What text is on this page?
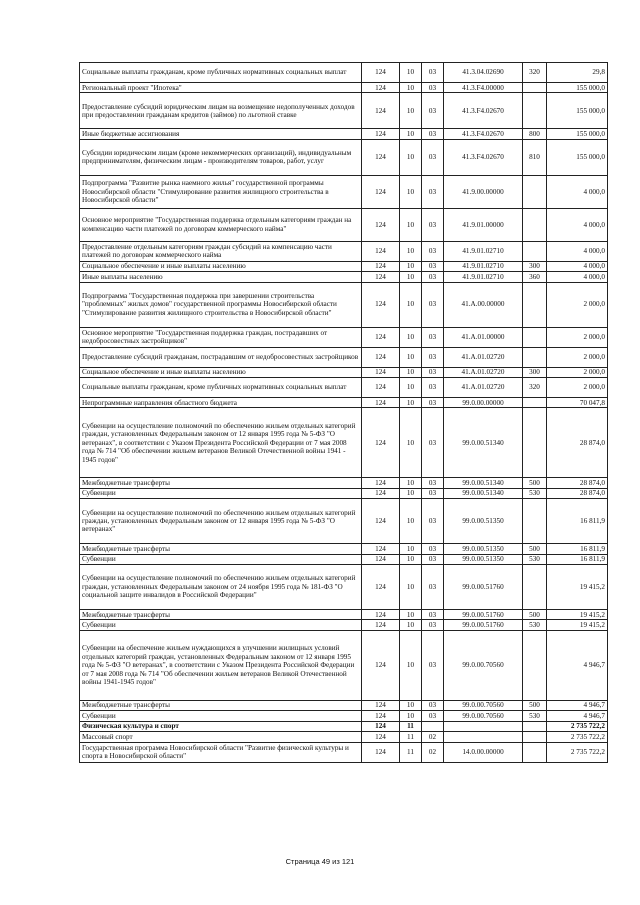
Социальные выплаты гражданам, кроме публичных нормативных социальных выплат	124	10	03	41.3.04.02690	320	29,8
Региональный проект "Ипотека"	124	10	03	41.3.F4.00000		155 000,0
Предоставление субсидий юридическим лицам на возмещение недополученных доходов при предоставлении гражданам кредитов (займов) по льготной ставке	124	10	03	41.3.F4.02670		155 000,0
Иные бюджетные ассигнования	124	10	03	41.3.F4.02670	800	155 000,0
Субсидии юридическим лицам (кроме некоммерческих организаций), индивидуальным предпринимателям, физическим лицам - производителям товаров, работ, услуг	124	10	03	41.3.F4.02670	810	155 000,0
Подпрограмма "Развитие рынка наемного жилья" государственной программы Новосибирской области "Стимулирование развития жилищного строительства в Новосибирской области"	124	10	03	41.9.00.00000		4 000,0
Основное мероприятие "Государственная поддержка отдельным категориям граждан на компенсацию части платежей по договорам коммерческого найма"	124	10	03	41.9.01.00000		4 000,0
Предоставление отдельным категориям граждан субсидий на компенсацию части платежей по договорам коммерческого найма	124	10	03	41.9.01.02710		4 000,0
Социальное обеспечение и иные выплаты населению	124	10	03	41.9.01.02710	300	4 000,0
Иные выплаты населению	124	10	03	41.9.01.02710	360	4 000,0
Подпрограмма "Государственная поддержка при завершении строительства "проблемных" жилых домов" государственной программы Новосибирской области "Стимулирование развития жилищного строительства в Новосибирской области"	124	10	03	41.А.00.00000		2 000,0
Основное мероприятие "Государственная поддержка граждан, пострадавших от недобросовестных застройщиков"	124	10	03	41.А.01.00000		2 000,0
Предоставление субсидий гражданам, пострадавшим от недобросовестных застройщиков	124	10	03	41.А.01.02720		2 000,0
Социальное обеспечение и иные выплаты населению	124	10	03	41.А.01.02720	300	2 000,0
Социальные выплаты гражданам, кроме публичных нормативных социальных выплат	124	10	03	41.А.01.02720	320	2 000,0
Непрограммные направления областного бюджета	124	10	03	99.0.00.00000		70 047,8
Субвенции на осуществление полномочий по обеспечению жильем отдельных категорий граждан, установленных Федеральным законом от 12 января 1995 года № 5-ФЗ "О ветеранах", в соответствии с Указом Президента Российской Федерации от 7 мая 2008 года № 714 "Об обеспечении жильем ветеранов Великой Отечественной войны 1941 - 1945 годов"	124	10	03	99.0.00.51340		28 874,0
Межбюджетные трансферты	124	10	03	99.0.00.51340	500	28 874,0
Субвенции	124	10	03	99.0.00.51340	530	28 874,0
Субвенции на осуществление полномочий по обеспечению жильем отдельных категорий граждан, установленных Федеральным законом от 12 января 1995 года № 5-ФЗ "О ветеранах"	124	10	03	99.0.00.51350		16 811,9
Межбюджетные трансферты	124	10	03	99.0.00.51350	500	16 811,9
Субвенции	124	10	03	99.0.00.51350	530	16 811,9
Субвенции на осуществление полномочий по обеспечению жильем отдельных категорий граждан, установленных Федеральным законом от 24 ноября 1995 года № 181-ФЗ "О социальной защите инвалидов в Российской Федерации"	124	10	03	99.0.00.51760		19 415,2
Межбюджетные трансферты	124	10	03	99.0.00.51760	500	19 415,2
Субвенции	124	10	03	99.0.00.51760	530	19 415,2
Субвенции на обеспечение жильем нуждающихся в улучшении жилищных условий отдельных категорий граждан, установленных Федеральным законом от 12 января 1995 года № 5-ФЗ "О ветеранах", в соответствии с Указом Президента Российской Федерации от 7 мая 2008 года № 714 "Об обеспечении жильем ветеранов Великой Отечественной войны 1941-1945 годов"	124	10	03	99.0.00.70560		4 946,7
Межбюджетные трансферты	124	10	03	99.0.00.70560	500	4 946,7
Субвенции	124	10	03	99.0.00.70560	530	4 946,7
Физическая культура и спорт	124	11				2 735 722,2
Массовый спорт	124	11	02			2 735 722,2
Государственная программа Новосибирской области "Развитие физической культуры и спорта в Новосибирской области"	124	11	02	14.0.00.00000		2 735 722,2
Страница 49 из 121
